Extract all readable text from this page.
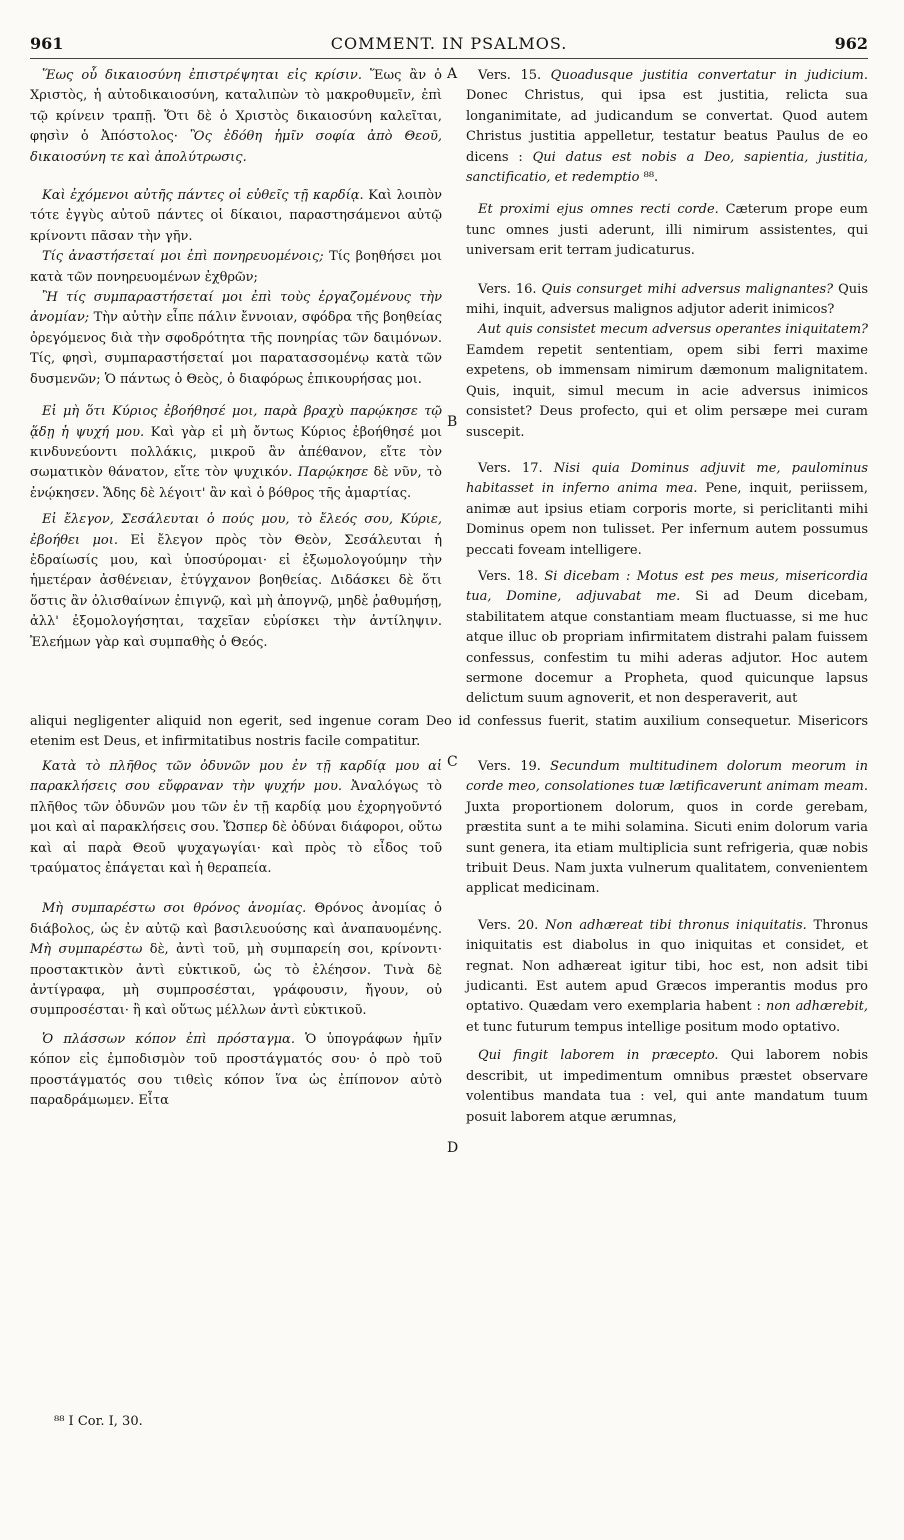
961	COMMENT. IN PSALMOS.	962

Ἕως οὗ δικαιοσύνη ἐπιστρέψηται εἰς κρίσιν. Ἕως ἂν ὁ Χριστὸς, ἡ αὐτοδικαιοσύνη, καταλιπὼν τὸ μακροθυμεῖν, ἐπὶ τῷ κρίνειν τραπῇ. Ὅτι δὲ ὁ Χριστὸς δικαιοσύνη καλεῖται, φησὶν ὁ Ἀπόστολος· Ὃς ἐδόθη ἡμῖν σοφία ἀπὸ Θεοῦ, δικαιοσύνη τε καὶ ἀπολύτρωσις.

Καὶ ἐχόμενοι αὐτῆς πάντες οἱ εὐθεῖς τῇ καρδίᾳ. Καὶ λοιπὸν τότε ἐγγὺς αὐτοῦ πάντες οἱ δίκαιοι, παραστησάμενοι αὐτῷ κρίνοντι πᾶσαν τὴν γῆν.

Τίς ἀναστήσεταί μοι ἐπὶ πονηρευομένοις; Τίς βοηθήσει μοι κατὰ τῶν πονηρευομένων ἐχθρῶν;

Ἢ τίς συμπαραστήσεταί μοι ἐπὶ τοὺς ἐργαζομένους τὴν ἀνομίαν; Τὴν αὐτὴν εἶπε πάλιν ἔννοιαν, σφόδρα τῆς βοηθείας ὀρεγόμενος διὰ τὴν σφοδρότητα τῆς πονηρίας τῶν δαιμόνων. Τίς, φησὶ, συμπαραστήσεταί μοι παρατασσομένῳ κατὰ τῶν δυσμενῶν; Ὁ πάντως ὁ Θεὸς, ὁ διαφόρως ἐπικουρήσας μοι.

Εἰ μὴ ὅτι Κύριος ἐβοήθησέ μοι, παρὰ βραχὺ παρῴκησε τῷ ᾅδῃ ἡ ψυχή μου. Καὶ γὰρ εἰ μὴ ὄντως Κύριος ἐβοήθησέ μοι κινδυνεύοντι πολλάκις, μικροῦ ἂν ἀπέθανον, εἴτε τὸν σωματικὸν θάνατον, εἴτε τὸν ψυχικόν. Παρῴκησε δὲ νῦν, τὸ ἐνῴκησεν. Ἅδης δὲ λέγοιτ' ἂν καὶ ὁ βόθρος τῆς ἁμαρτίας.

Εἰ ἔλεγον, Σεσάλευται ὁ πούς μου, τὸ ἔλεός σου, Κύριε, ἐβοήθει μοι. Εἰ ἔλεγον πρὸς τὸν Θεὸν, Σεσάλευται ἡ ἑδραίωσίς μου, καὶ ὑποσύρομαι· εἰ ἐξωμολογούμην τὴν ἡμετέραν ἀσθένειαν, ἐτύγχανον βοηθείας. Διδάσκει δὲ ὅτι ὅστις ἂν ὀλισθαίνων ἐπιγνῷ, καὶ μὴ ἀπογνῷ, μηδὲ ῥαθυμήσῃ, ἀλλ' ἐξομολογήσηται, ταχεῖαν εὑρίσκει τὴν ἀντίληψιν. Ἐλεήμων γὰρ καὶ συμπαθὴς ὁ Θεός.

Vers. 15. Quoadusque justitia convertatur in judicium. Donec Christus, qui ipsa est justitia, relicta sua longanimitate, ad judicandum se convertat. Quod autem Christus justitia appelletur, testatur beatus Paulus de eo dicens : Qui datus est nobis a Deo, sapientia, justitia, sanctificatio, et redemptio ⁸⁸.

Et proximi ejus omnes recti corde. Cæterum prope eum tunc omnes justi aderunt, illi nimirum assistentes, qui universam erit terram judicaturus.

Vers. 16. Quis consurget mihi adversus malignantes? Quis mihi, inquit, adversus malignos adjutor aderit inimicos?

Aut quis consistet mecum adversus operantes iniquitatem? Eamdem repetit sententiam, opem sibi ferri maxime expetens, ob immensam nimirum dæmonum malignitatem. Quis, inquit, simul mecum in acie adversus inimicos consistet? Deus profecto, qui et olim persæpe mei curam suscepit.

Vers. 17. Nisi quia Dominus adjuvit me, paulominus habitasset in inferno anima mea. Pene, inquit, periissem, animæ aut ipsius etiam corporis morte, si periclitanti mihi Dominus opem non tulisset. Per infernum autem possumus peccati foveam intelligere.

Vers. 18. Si dicebam : Motus est pes meus, misericordia tua, Domine, adjuvabat me. Si ad Deum dicebam, stabilitatem atque constantiam meam fluctuasse, si me huc atque illuc ob propriam infirmitatem distrahi palam fuissem confessus, confestim tu mihi aderas adjutor. Hoc autem sermone docemur a Propheta, quod quicunque lapsus delictum suum agnoverit, et non desperaverit, aut

aliqui negligenter aliquid non egerit, sed ingenue coram Deo id confessus fuerit, statim auxilium consequetur. Misericors etenim est Deus, et infirmitatibus nostris facile compatitur.

Κατὰ τὸ πλῆθος τῶν ὀδυνῶν μου ἐν τῇ καρδίᾳ μου αἱ παρακλήσεις σου εὔφραναν τὴν ψυχήν μου. Ἀναλόγως τὸ πλῆθος τῶν ὀδυνῶν μου τῶν ἐν τῇ καρδίᾳ μου ἐχορηγοῦντό μοι καὶ αἱ παρακλήσεις σου. Ὥσπερ δὲ ὀδύναι διάφοροι, οὕτω καὶ αἱ παρὰ Θεοῦ ψυχαγωγίαι· καὶ πρὸς τὸ εἶδος τοῦ τραύματος ἐπάγεται καὶ ἡ θεραπεία.

Μὴ συμπαρέστω σοι θρόνος ἀνομίας. Θρόνος ἀνομίας ὁ διάβολος, ὡς ἐν αὐτῷ καὶ βασιλευούσης καὶ ἀναπαυομένης. Μὴ συμπαρέστω δὲ, ἀντὶ τοῦ, μὴ συμπαρείη σοι, κρίνοντι· προστακτικὸν ἀντὶ εὐκτικοῦ, ὡς τὸ ἐλέησον. Τινὰ δὲ ἀντίγραφα, μὴ συμπροσέσται, γράφουσιν, ἤγουν, οὐ συμπροσέσται· ἢ καὶ οὕτως μέλλων ἀντὶ εὐκτικοῦ.

Ὁ πλάσσων κόπον ἐπὶ πρόσταγμα. Ὁ ὑπογράφων ἡμῖν κόπον εἰς ἐμποδισμὸν τοῦ προστάγματός σου· ὁ πρὸ τοῦ προστάγματός σου τιθεὶς κόπον ἵνα ὡς ἐπίπονον αὐτὸ παραδράμωμεν. Εἶτα

Vers. 19. Secundum multitudinem dolorum meorum in corde meo, consolationes tuæ lætificaverunt animam meam. Juxta proportionem dolorum, quos in corde gerebam, præstita sunt a te mihi solamina. Sicuti enim dolorum varia sunt genera, ita etiam multiplicia sunt refrigeria, quæ nobis tribuit Deus. Nam juxta vulnerum qualitatem, convenientem applicat medicinam.

Vers. 20. Non adhæreat tibi thronus iniquitatis. Thronus iniquitatis est diabolus in quo iniquitas et considet, et regnat. Non adhæreat igitur tibi, hoc est, non adsit tibi judicanti. Est autem apud Græcos imperantis modus pro optativo. Quædam vero exemplaria habent : non adhærebit, et tunc futurum tempus intellige positum modo optativo.

Qui fingit laborem in præcepto. Qui laborem nobis describit, ut impedimentum omnibus præstet observare volentibus mandata tua : vel, qui ante mandatum tuum posuit laborem atque ærumnas,

A
B
C
D
⁸⁸ I Cor. I, 30.
